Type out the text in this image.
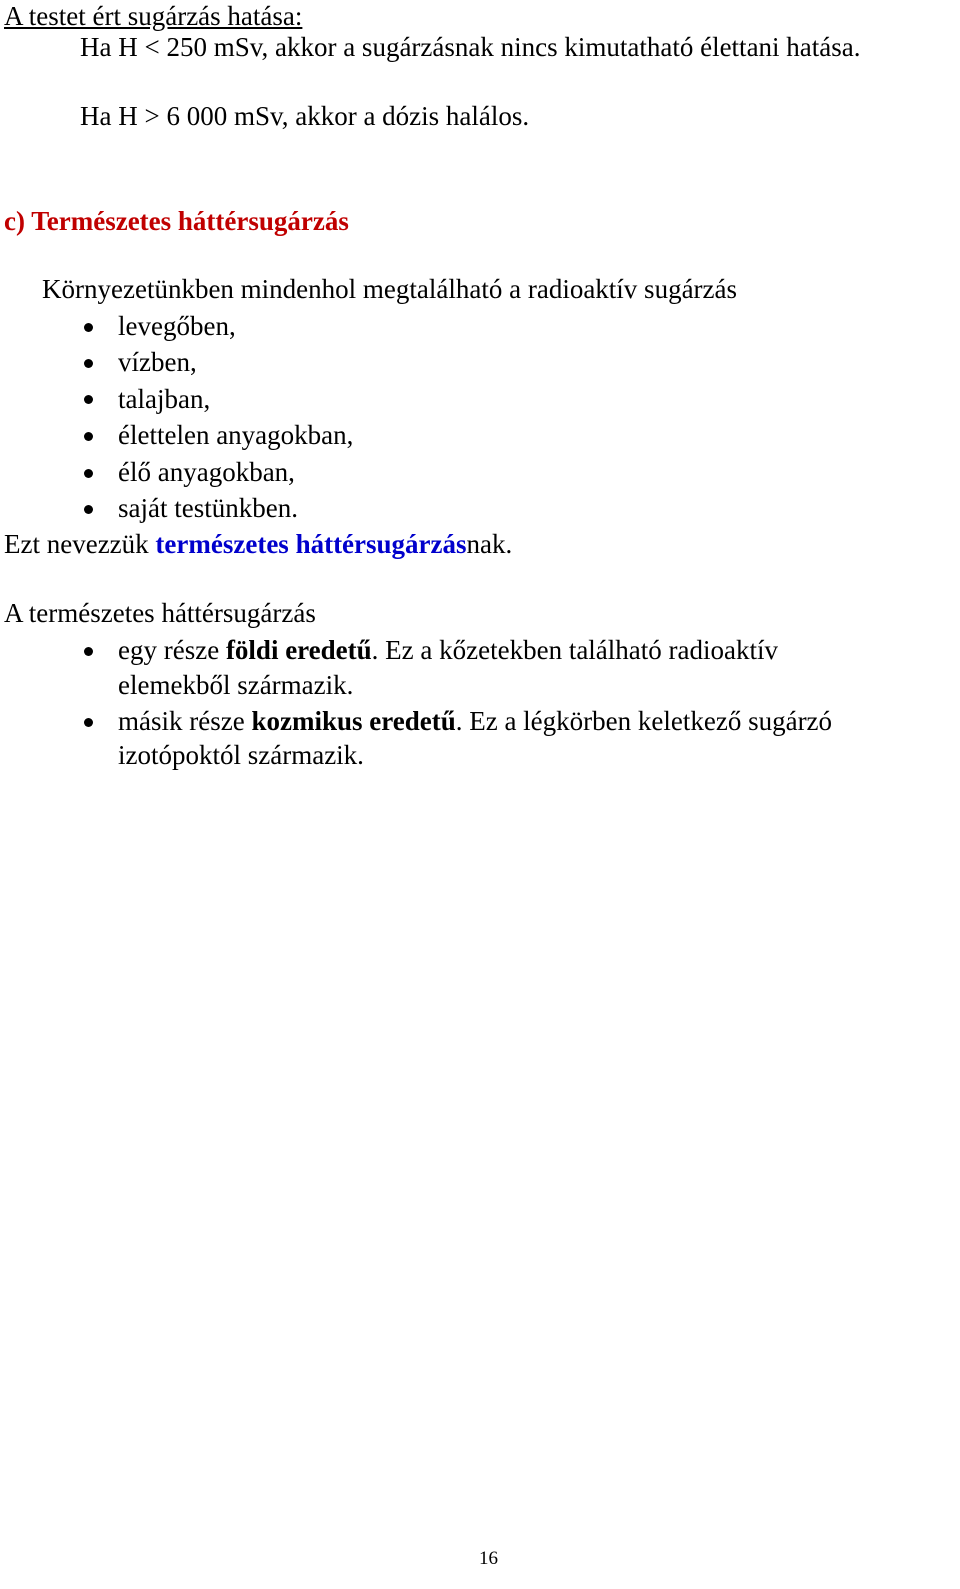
A testet ért sugárzás hatása:
Ha H < 250 mSv, akkor a sugárzásnak nincs kimutatható élettani hatása.
Ha H > 6 000 mSv, akkor a dózis halálos.
c) Természetes háttérsugárzás
Környezetünkben mindenhol megtalálható a radioaktív sugárzás
levegőben,
vízben,
talajban,
élettelen anyagokban,
élő anyagokban,
saját testünkben.
Ezt nevezzük természetes háttérsugárzásnak.
A természetes háttérsugárzás
egy része földi eredetű. Ez a kőzetekben található radioaktív
elemekből származik.
másik része kozmikus eredetű. Ez a légkörben keletkező sugárzó
izotópoktól származik.
16
